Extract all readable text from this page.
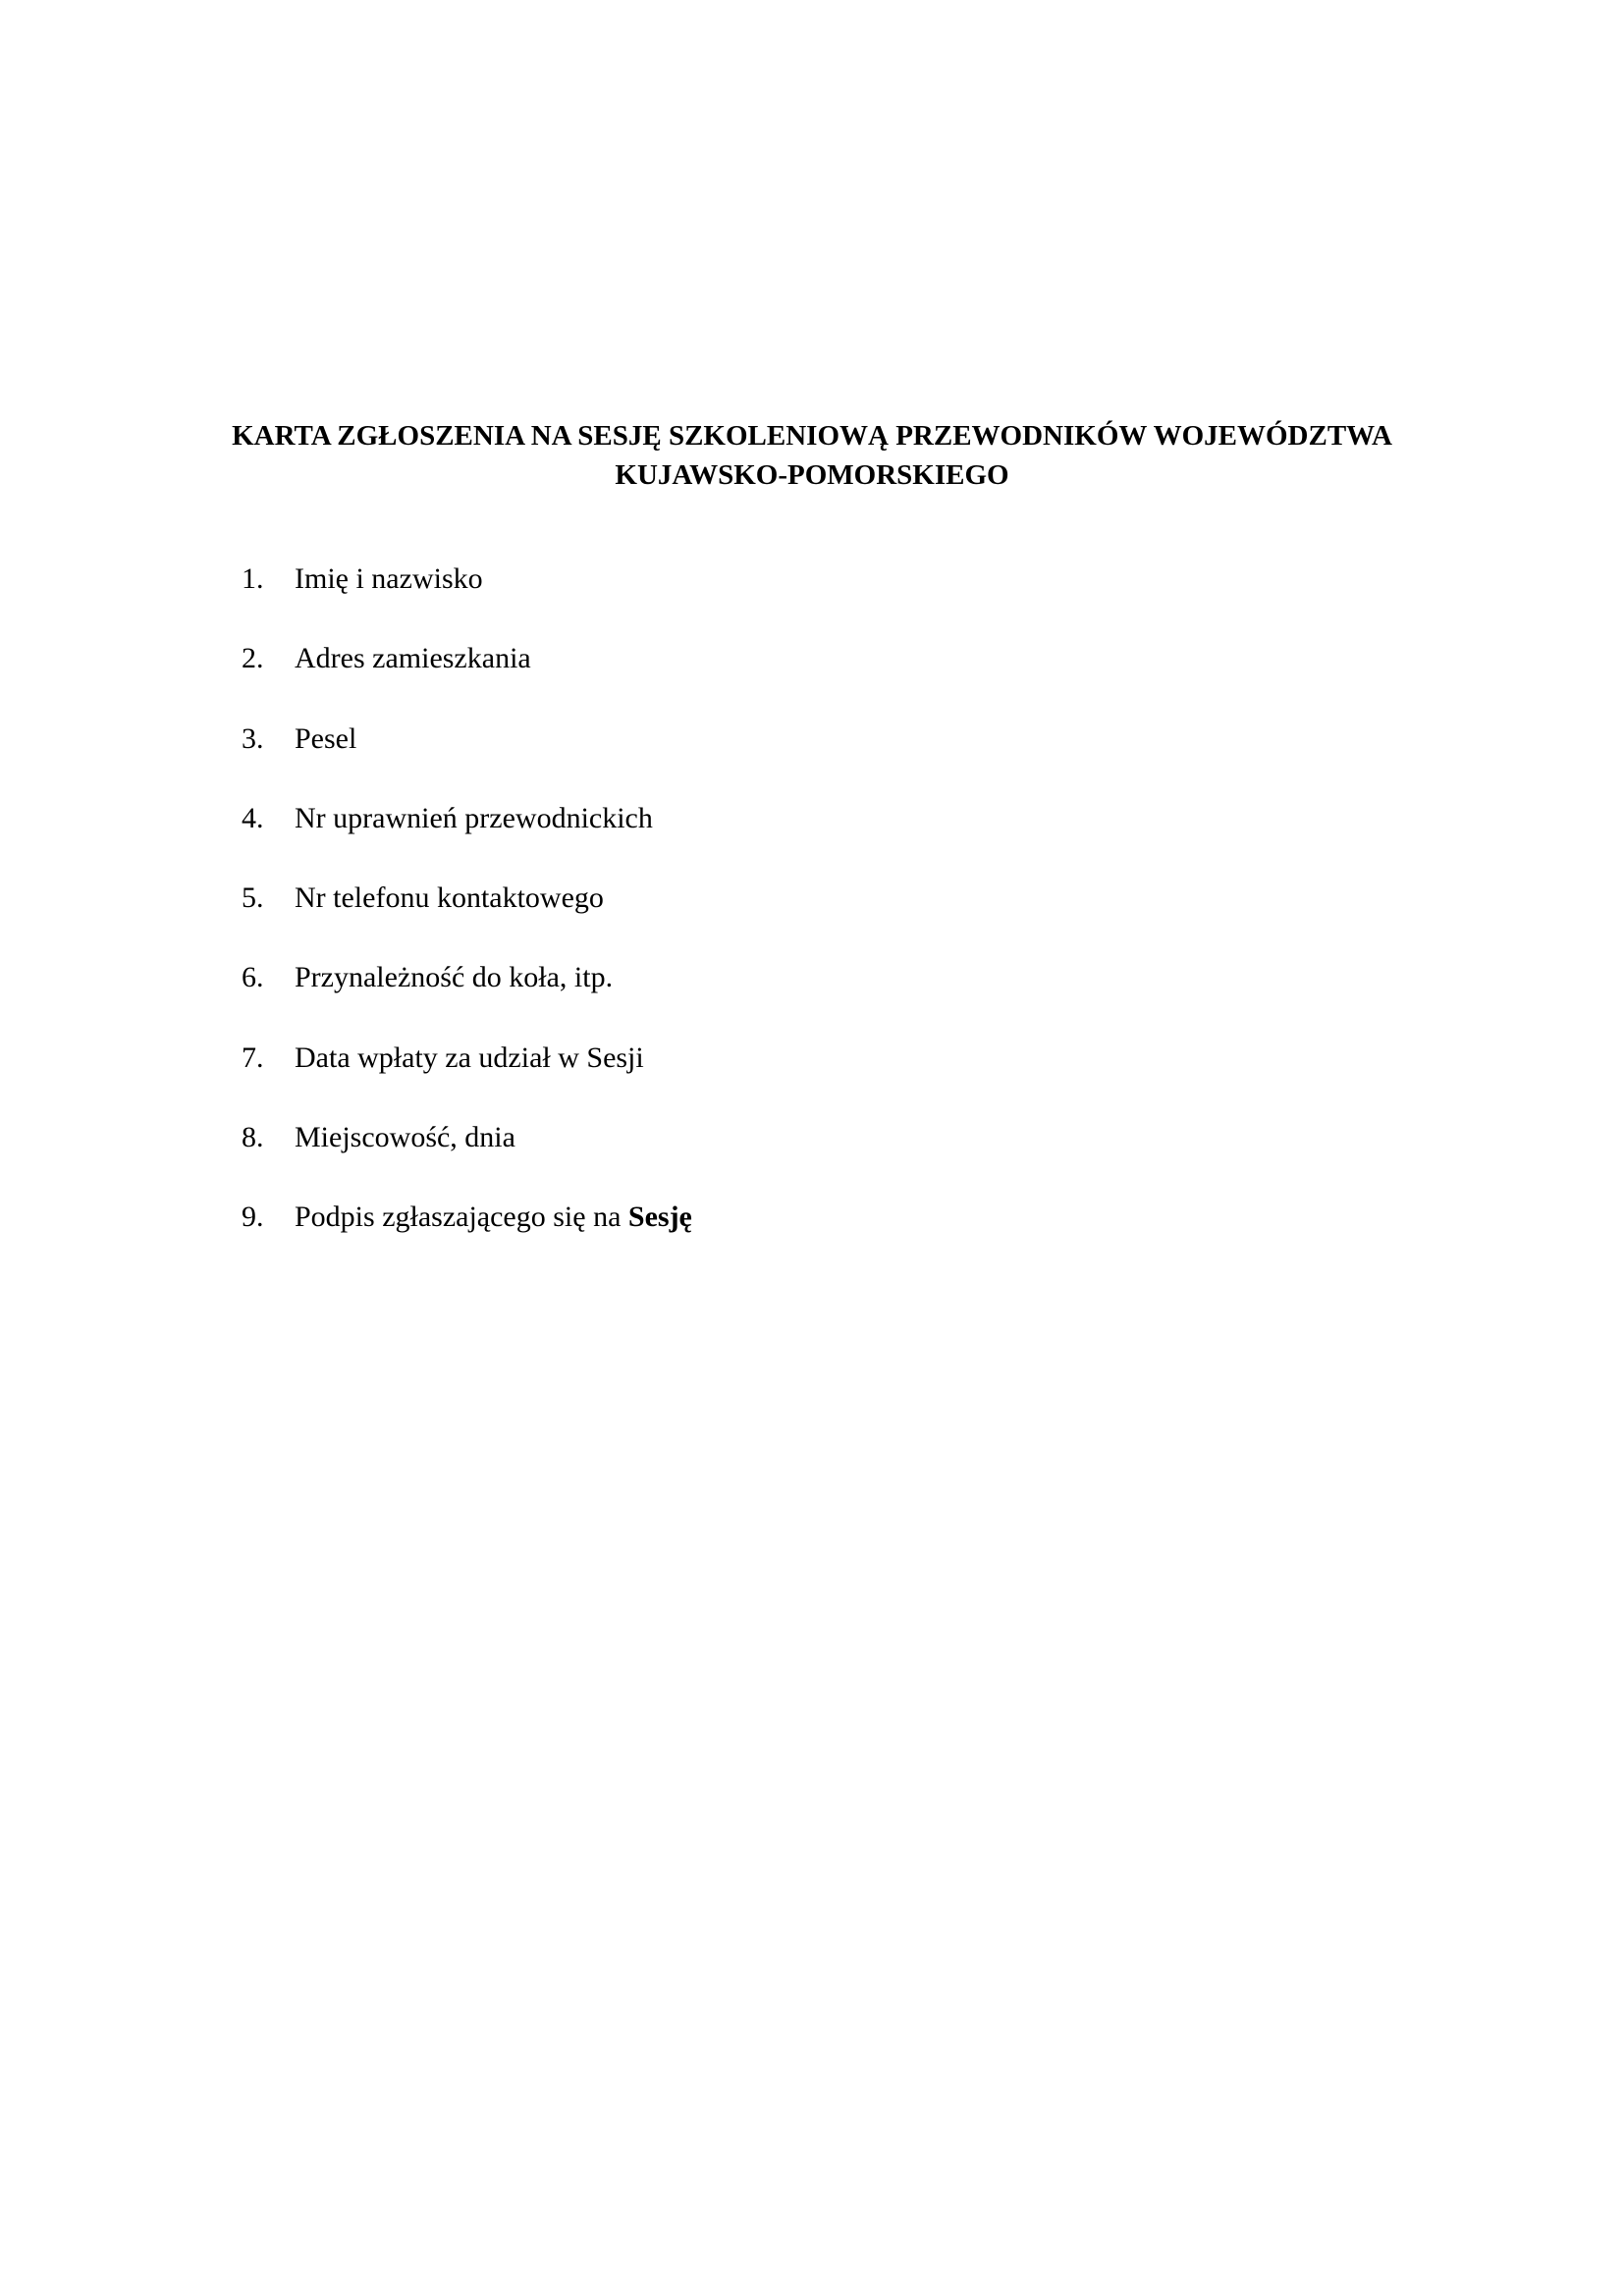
KARTA ZGŁOSZENIA NA SESJĘ SZKOLENIOWĄ PRZEWODNIKÓW WOJEWÓDZTWA
KUJAWSKO-POMORSKIEGO
1. Imię i nazwisko
2. Adres zamieszkania
3. Pesel
4. Nr uprawnień przewodnickich
5. Nr telefonu kontaktowego
6. Przynależność do koła, itp.
7. Data wpłaty za udział w Sesji
8. Miejscowość, dnia
9. Podpis zgłaszającego się na Sesję
